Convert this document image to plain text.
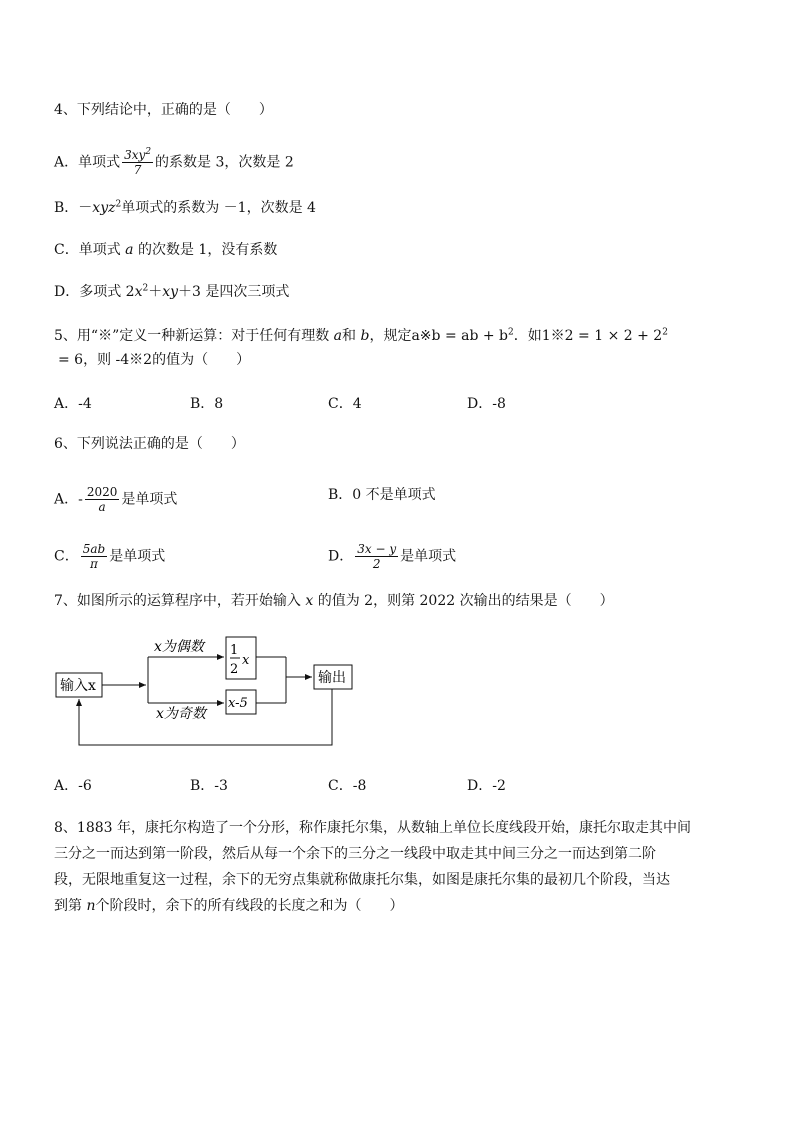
4、下列结论中，正确的是（　　）
A．单项式 $\frac{3xy^2}{7}$ 的系数是 3，次数是 2
B．－xyz$^2$单项式的系数为 －1，次数是 4
C．单项式 a 的次数是 1，没有系数
D．多项式 $2x^2+xy+3$ 是四次三项式
5、用“※”定义一种新运算：对于任何有理数 a和 b，规定a※b = ab + $b^2$．如1※2 = $1 \times 2 + 2^2$
= 6，则 -4※2的值为（　　）
A．-4	B．8	C．4	D．-8
6、下列说法正确的是（　　）
A．- $\frac{2020}{a}$ 是单项式	B．0 不是单项式
C． $\frac{5ab}{\pi}$ 是单项式	D． $\frac{3x - y}{2}$ 是单项式
7、如图所示的运算程序中，若开始输入 x 的值为 2，则第 2022 次输出的结果是（　　）
输入x
x为偶数
x为奇数
1
2
x
x-5
输出
A．-6	B．-3	C．-8	D．-2
8、1883 年，康托尔构造了一个分形，称作康托尔集，从数轴上单位长度线段开始，康托尔取走其中间
三分之一而达到第一阶段，然后从每一个余下的三分之一线段中取走其中间三分之一而达到第二阶
段，无限地重复这一过程，余下的无穷点集就称做康托尔集，如图是康托尔集的最初几个阶段，当达
到第 n个阶段时，余下的所有线段的长度之和为（　　）
